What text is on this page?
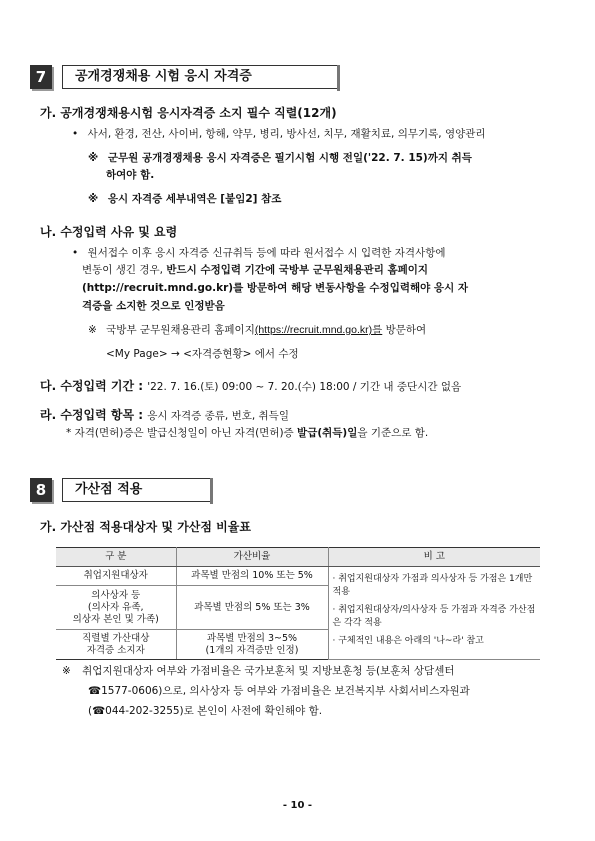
7	공개경쟁채용 시험 응시 자격증
가. 공개경쟁채용시험 응시자격증 소지 필수 직렬(12개)
• 사서, 환경, 전산, 사이버, 항해, 약무, 병리, 방사선, 치무, 재활치료, 의무기록, 영양관리
※ 군무원 공개경쟁채용 응시 자격증은 필기시험 시행 전일('22. 7. 15)까지 취득
하여야 함.
※ 응시 자격증 세부내역은 [붙임2] 참조
나. 수정입력 사유 및 요령
• 원서접수 이후 응시 자격증 신규취득 등에 따라 원서접수 시 입력한 자격사항에
변동이 생긴 경우, 반드시 수정입력 기간에 국방부 군무원채용관리 홈페이지
(http://recruit.mnd.go.kr)를 방문하여 해당 변동사항을 수정입력해야 응시 자
격증을 소지한 것으로 인정받음
※ 국방부 군무원채용관리 홈페이지(https://recruit.mnd.go.kr)를 방문하여
<My Page> → <자격증현황> 에서 수정
다. 수정입력 기간 : '22. 7. 16.(토) 09:00 ~ 7. 20.(수) 18:00 / 기간 내 중단시간 없음
라. 수정입력 항목 : 응시 자격증 종류, 번호, 취득일
* 자격(면허)증은 발급신청일이 아닌 자격(면허)증 발급(취득)일을 기준으로 함.
8	가산점 적용
가. 가산점 적용대상자 및 가산점 비율표
구 분	가산비율	비 고
취업지원대상자	과목별 만점의 10% 또는 5%	· 취업지원대상자 가점과 의사상자 등 가점은 1개만 적용
· 취업지원대상자/의사상자 등 가점과 자격증 가산점은 각각 적용
· 구체적인 내용은 아래의 '나~라' 참고

의사상자 등
(의사자 유족,
의상자 본인 및 가족)	과목별 만점의 5% 또는 3%	
직렬별 가산대상
자격증 소지자	과목별 만점의 3~5%
(1개의 자격증만 인정)	
※ 취업지원대상자 여부와 가점비율은 국가보훈처 및 지방보훈청 등(보훈처 상담센터
☎1577-0606)으로, 의사상자 등 여부와 가점비율은 보건복지부 사회서비스자원과
(☎044-202-3255)로 본인이 사전에 확인해야 함.
- 10 -
